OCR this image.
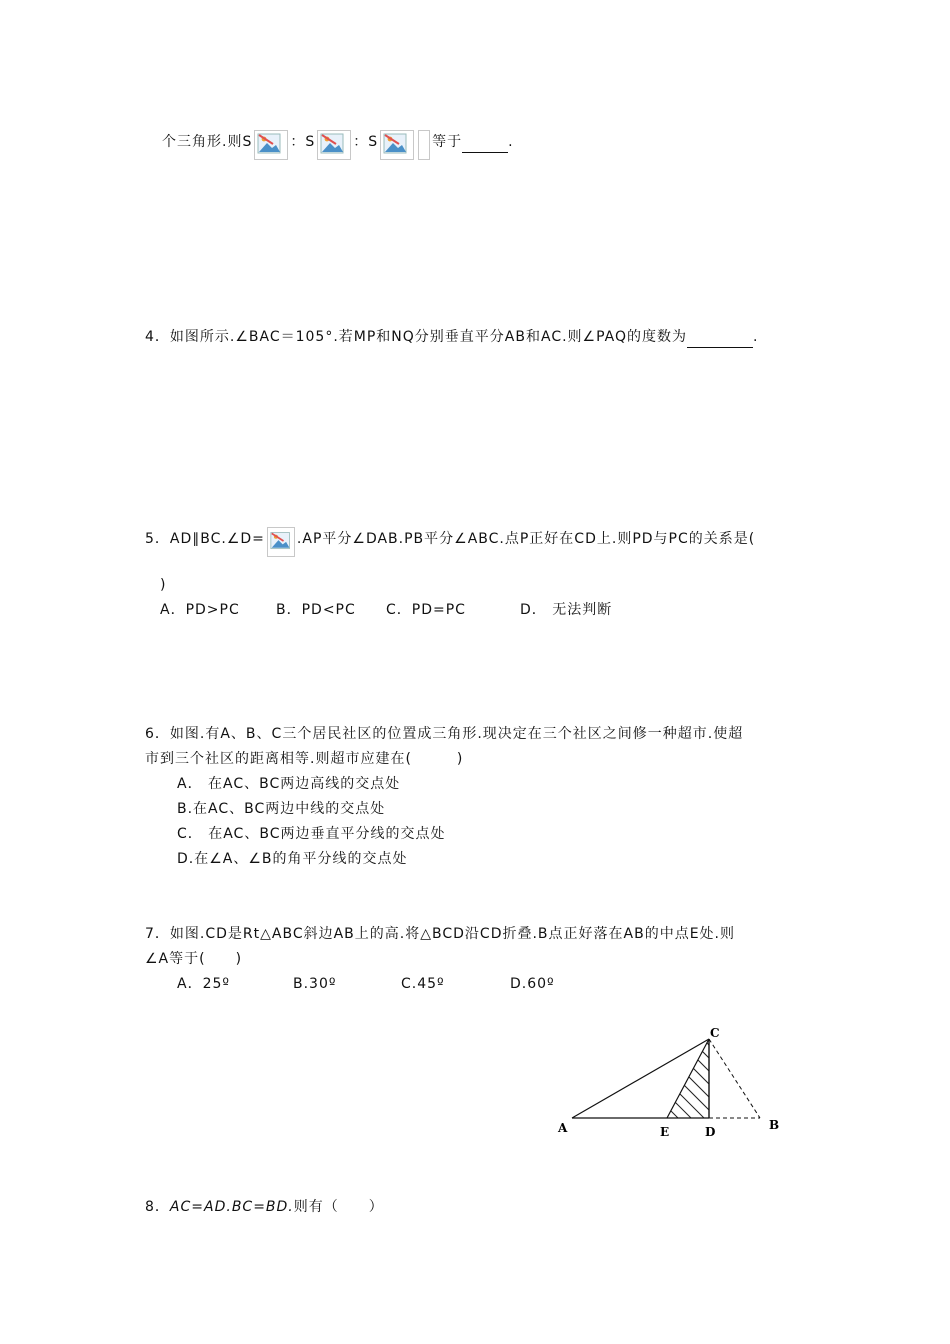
个三角形.则S	：S	：S	等于	.
4．如图所示.∠BAC＝105°.若MP和NQ分别垂直平分AB和AC.则∠PAQ的度数为	.
5．AD∥BC.∠D= .AP平分∠DAB.PB平分∠ABC.点P正好在CD上.则PD与PC的关系是(
)
A．PD>PC	B．PD<PC C．PD=PC	D． 无法判断
6．如图.有A、B、C三个居民社区的位置成三角形.现决定在三个社区之间修一种超市.使超
市到三个社区的距离相等.则超市应建在(　　　)
A． 在AC、BC两边高线的交点处
B.在AC、BC两边中线的交点处
C． 在AC、BC两边垂直平分线的交点处
D.在∠A、∠B的角平分线的交点处
7．如图.CD是Rt△ABC斜边AB上的高.将△BCD沿CD折叠.B点正好落在AB的中点E处.则
∠A等于(　　)
A．25º	B.30º	C.45º	D.60º
C
A	E	D	B
8．AC=AD.BC=BD.则有（　　）
